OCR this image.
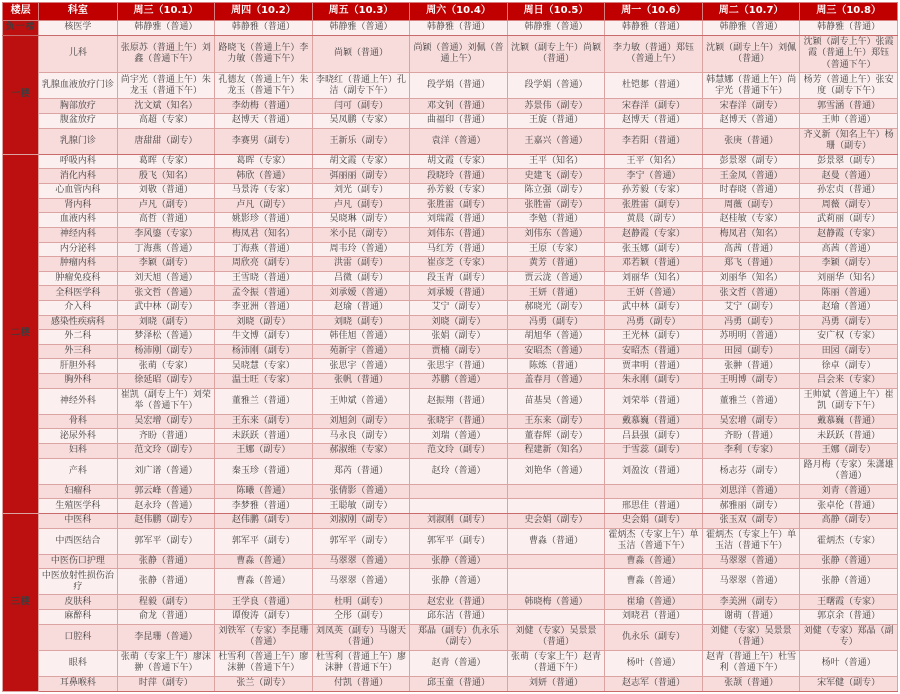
楼层	科室	周三（10.1）	周四（10.2）	周五（10.3）	周六（10.4）	周日（10.5）	周一（10.6）	周二（10.7）	周三（10.8）
负一楼	核医学	韩静雅（普通）	韩静雅（普通）	韩静雅（普通）	韩静雅（普通）	韩静雅（普通）	韩静雅（普通）	韩静雅（普通）	韩静雅（普通）
一楼	儿科	张原苏（普通上午）刘鑫（普通下午）	路晓飞（普通上午）李力敏（普通下午）	尚颖（普通）	尚颖（普通）刘佩（普通上午）	沈颖（副专上午）尚颖（普通）	李力敏（普通）郑钰（普通上午）	沈颖（副专上午）刘佩（普通）	沈颖（副专上午）张霞霞（普通上午）郑钰（普通下午）
	乳腺血液放疗门诊	尚宇光（普通上午）朱龙玉（普通下午）	孔德友（普通上午）朱龙玉（普通下午）	李晓红（普通上午）孔洁（副专下午）	段学娟（普通）	段学娟（普通）	杜铠郪（普通）	韩慧娜（普通上午）尚宇光（普通下午）	杨芳（普通上午）张安度（副专下午）
	胸部放疗	沈文斌（知名）	李幼梅（普通）	闫可（副专）	邓文钊（普通）	苏景伟（副专）	宋春洋（副专）	宋春洋（副专）	郭雪涵（普通）
	腹盆放疗	高超（专家）	赵博天（普通）	吴凤鹏（专家）	曲福印（普通）	王旋（普通）	赵博天（普通）	赵博天（普通）	王帅（普通）
	乳腺门诊	唐甜甜（副专）	李赛男（副专）	王新乐（副专）	袁洋（普通）	王嘉兴（普通）	李若阳（普通）	张庚（普通）	齐义新（知名上午）杨珊（副专）
二楼	呼吸内科	葛晖（专家）	葛晖（专家）	胡文霞（专家）	胡文霞（专家）	王平（知名）	王平（知名）	彭景翠（副专）	彭景翠（副专）
	消化内科	殷飞（知名）	韩欣（普通）	弭丽丽（副专）	段晓玲（普通）	史建飞（副专）	李宁（普通）	王金凤（普通）	赵曼（普通）
	心血管内科	刘敬（普通）	马景涛（专家）	刘光（副专）	孙芳毅（专家）	陈立强（副专）	孙芳毅（专家）	时春晓（普通）	孙宏贞（普通）
	肾内科	卢凡（副专）	卢凡（副专）	卢凡（副专）	张胜雷（副专）	张胜雷（副专）	张胜雷（副专）	周薇（副专）	周薇（副专）
	血液内科	高哲（普通）	姚影珍（普通）	吴晓琳（副专）	刘瑞霞（普通）	李勉（普通）	黄晨（副专）	赵桂敏（专家）	武莉丽（副专）
	神经内科	李风鎏（专家）	梅凤君（知名）	米小昆（副专）	刘伟东（普通）	刘伟东（普通）	赵静霞（专家）	梅凤君（知名）	赵静霞（专家）
	内分泌科	丁海燕（普通）	丁海燕（普通）	周韦玲（普通）	马红芳（普通）	王原（专家）	张玉娜（副专）	高茜（普通）	高茜（普通）
	肿瘤内科	李颖（副专）	周欣亮（副专）	洪雷（副专）	崔彦芝（专家）	黄芳（普通）	邓若颖（普通）	郑飞（普通）	李颖（副专）
	肿瘤免疫科	刘天旭（普通）	王雪晓（普通）	吕微（副专）	段玉青（副专）	贾云泷（普通）	刘丽华（知名）	刘丽华（知名）	刘丽华（知名）
	全科医学科	张文哲（普通）	孟令振（普通）	刘承嫒（普通）	刘承嫒（普通）	王妍（普通）	王妍（普通）	张文哲（普通）	陈丽（普通）
	介入科	武中林（副专）	李亚洲（普通）	赵瑜（普通）	艾宁（副专）	郝晓光（副专）	武中林（副专）	艾宁（副专）	赵瑜（普通）
	感染性疾病科	刘晓（副专）	刘晓（副专）	刘晓（副专）	刘晓（副专）	冯勇（副专）	冯勇（副专）	冯勇（副专）	冯勇（副专）
	外二科	梦泽松（普通）	牛文博（副专）	韩佳旭（普通）	张娟（副专）	胡旭华（普通）	王光林（副专）	苏明明（普通）	安广权（专家）
	外三科	杨沛刚（副专）	杨沛刚（副专）	苑新宇（普通）	贾楠（副专）	安昭杰（普通）	安昭杰（普通）	田园（副专）	田园（副专）
	肝胆外科	张萌（专家）	吴晓慧（专家）	张思宇（普通）	张思宇（普通）	陈炼（普通）	贾聿明（普通）	张翀（普通）	徐卓（副专）
	胸外科	徐延昭（副专）	温士旺（专家）	张帆（普通）	苏鹏（普通）	盖春月（普通）	朱永刚（副专）	王明博（副专）	吕会来（专家）
	神经外科	崔凯（副专上午）刘荣举（普通下午）	董雅兰（普通）	王帅斌（普通）	赵振翔（普通）	苗基昊（普通）	刘荣举（普通）	董雅兰（普通）	王帅斌（普通上午）崔凯（副专下午）
	骨科	吴宏增（副专）	王东来（副专）	刘旭剑（副专）	张晓宇（普通）	王东来（副专）	戴慕巍（普通）	吴宏增（副专）	戴慕巍（普通）
	泌尿外科	齐盼（普通）	未跃跃（普通）	马永良（副专）	刘瑞（普通）	董春辉（副专）	吕县强（副专）	齐盼（普通）	未跃跃（普通）
	妇科	范文玲（副专）	王娜（副专）	郝淑维（专家）	范文玲（副专）	程建新（知名）	于雪蕊（副专）	李利（专家）	王娜（副专）
	产科	刘广谱（普通）	秦玉珍（普通）	郑芮（普通）	赵玲（普通）	刘艳华（普通）	刘盈汝（普通）	杨志芬（副专）	路月梅（专家）朱潇雄（普通）
	妇瘤科	郭云峰（普通）	陈曦（普通）	张倩影（普通）				刘思洋（普通）	刘青（普通）
	生殖医学科	赵永玲（普通）	李梦雅（普通）	王聪敏（副专）			邢思佳（普通）	郝雅丽（副专）	张卓伦（普通）
三楼	中医科	赵伟鹏（副专）	赵伟鹏（副专）	刘淑刚（副专）	刘淑刚（副专）	史会娟（副专）	史会娟（副专）	张玉双（副专）	高静（副专）
	中西医结合	郭军平（副专）	郭军平（副专）	郭军平（副专）	郭军平（副专）	曹淼（普通）	霍炳杰（专家上午）单玉洁（普通下午）	霍炳杰（专家上午）单玉洁（普通下午）	霍炳杰（专家）
	中医伤口护理	张静（普通）	曹淼（普通）	马翠翠（普通）	张静（普通）		曹淼（普通）	马翠翠（普通）	张静（普通）
	中医放射性损伤治疗	张静（普通）	曹淼（普通）	马翠翠（普通）	张静（普通）		曹淼（普通）	马翠翠（普通）	张静（普通）
	皮肤科	程毅（副专）	王学良（普通）	杜明（副专）	赵宏业（普通）	韩晓梅（普通）	崔瑜（普通）	李美洲（副专）	王曙霞（专家）
	麻醉科	俞龙（普通）	谭俊涛（副专）	仝彤（副专）	邱东洁（普通）		刘晓君（普通）	谢萌（普通）	郭京余（普通）
	口腔科	李昆珊（普通）	刘铁军（专家）李昆珊（普通）	刘凤英（副专）马谢天（普通）	郑晶（副专）仇永乐（副专）	刘健（专家）吴景景（普通）	仇永乐（副专）	刘健（专家）吴景景（普通）	刘健（专家）郑晶（副专）
	眼科	张萌（专家上午）廖沫翀（普通下午）	杜雪利（普通上午）廖沫翀（普通下午）	杜雪利（普通上午）廖沫翀（普通下午）	赵青（普通）	张萌（专家上午）赵青（普通下午）	杨叶（普通）	赵青（普通上午）杜雪利（普通下午）	杨叶（普通）
	耳鼻喉科	时萍（副专）	张兰（副专）	付凯（普通）	邱玉童（普通）	刘妍（普通）	赵志军（普通）	张颉（普通）	宋军健（副专）
